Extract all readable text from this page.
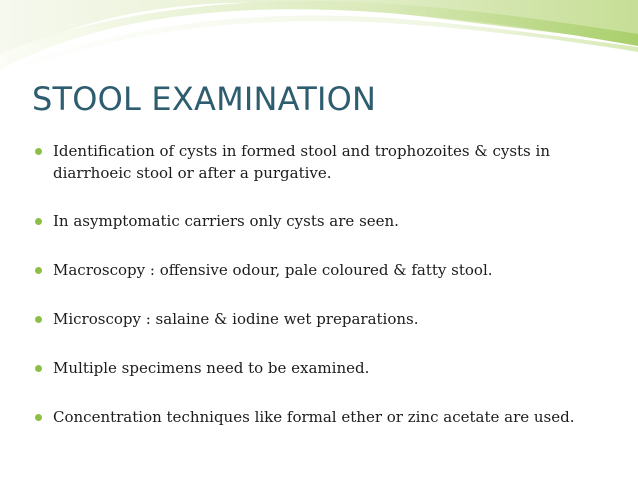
STOOL EXAMINATION
Identification of cysts in formed stool and trophozoites & cysts in diarrhoeic stool or after a purgative.
In asymptomatic carriers only cysts are seen.
Macroscopy : offensive odour, pale coloured & fatty stool.
Microscopy : salaine & iodine wet preparations.
Multiple specimens need to be examined.
Concentration techniques like formal ether or zinc acetate are used.
